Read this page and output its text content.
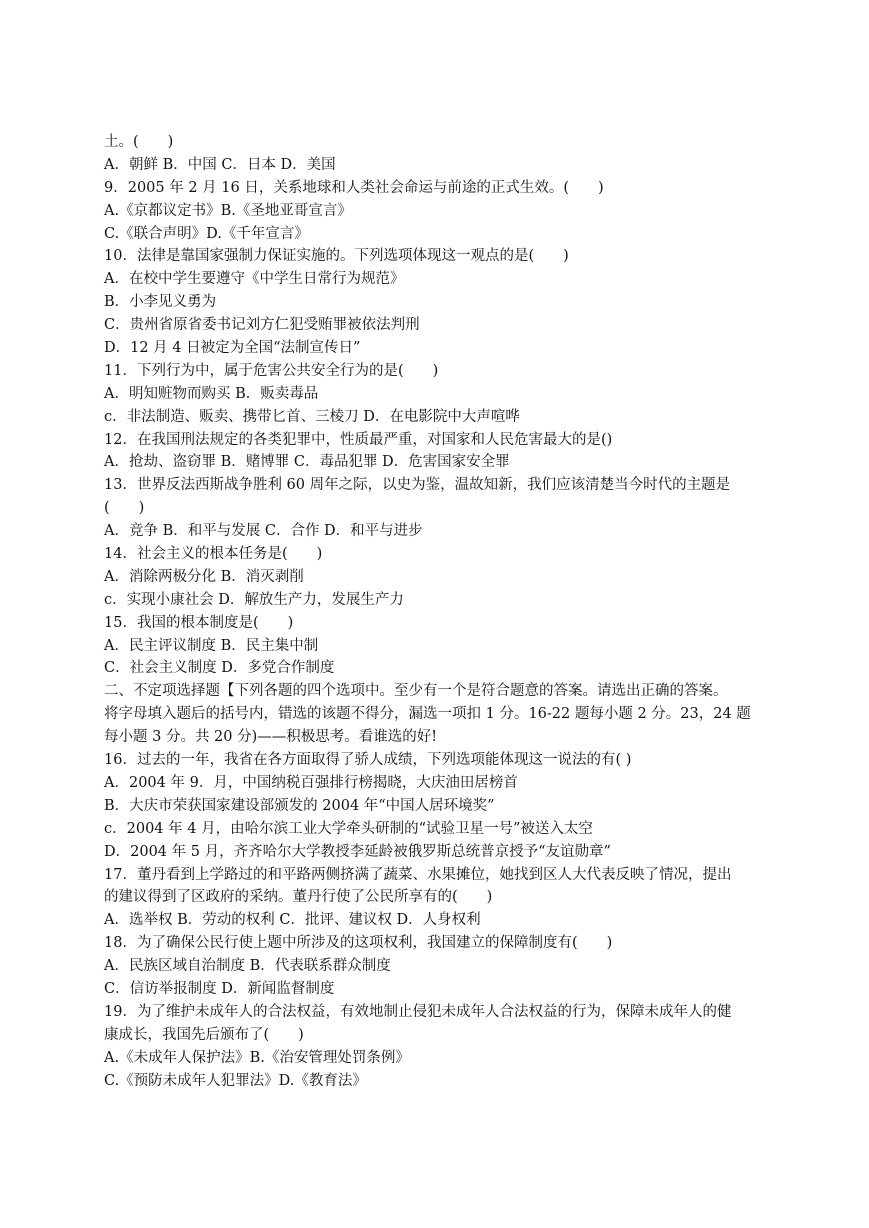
土。(　　)
A．朝鲜 B．中国 C．日本 D．美国
9．2005 年 2 月 16 日，关系地球和人类社会命运与前途的正式生效。(　　)
A.《京都议定书》B.《圣地亚哥宣言》
C.《联合声明》D.《千年宣言》
10．法律是靠国家强制力保证实施的。下列选项体现这一观点的是(　　)
A．在校中学生要遵守《中学生日常行为规范》
B．小李见义勇为
C．贵州省原省委书记刘方仁犯受贿罪被依法判刑
D．12 月 4 日被定为全国“法制宣传日”
11．下列行为中，属于危害公共安全行为的是(　　)
A．明知赃物而购买 B．贩卖毒品
c．非法制造、贩卖、携带匕首、三棱刀 D．在电影院中大声喧哗
12．在我国刑法规定的各类犯罪中，性质最严重，对国家和人民危害最大的是()
A．抢劫、盗窃罪 B．赌博罪 C．毒品犯罪 D．危害国家安全罪
13．世界反法西斯战争胜利 60 周年之际，以史为鉴，温故知新，我们应该清楚当今时代的主题是
(　　)
A．竞争 B．和平与发展 C．合作 D．和平与进步
14．社会主义的根本任务是(　　)
A．消除两极分化 B．消灭剥削
c．实现小康社会 D．解放生产力，发展生产力
15．我国的根本制度是(　　)
A．民主评议制度 B．民主集中制
C．社会主义制度 D．多党合作制度
二、不定项选择题【下列各题的四个选项中。至少有一个是符合题意的答案。请选出正确的答案。
将字母填入题后的括号内，错选的该题不得分，漏选一项扣 1 分。16-22 题每小题 2 分。23，24 题
每小题 3 分。共 20 分)——积极思考。看谁选的好!
16．过去的一年，我省在各方面取得了骄人成绩，下列选项能体现这一说法的有( )
A．2004 年 9．月，中国纳税百强排行榜揭晓，大庆油田居榜首
B．大庆市荣获国家建设部颁发的 2004 年“中国人居环境奖”
c．2004 年 4 月，由哈尔滨工业大学牵头研制的“试验卫星一号”被送入太空
D．2004 年 5 月，齐齐哈尔大学教授李延龄被俄罗斯总统普京授予“友谊勋章”
17．董丹看到上学路过的和平路两侧挤满了蔬菜、水果摊位，她找到区人大代表反映了情况，提出
的建议得到了区政府的采纳。董丹行使了公民所享有的(　　)
A．选举权 B．劳动的权利 C．批评、建议权 D．人身权利
18．为了确保公民行使上题中所涉及的这项权利，我国建立的保障制度有(　　)
A．民族区域自治制度 B．代表联系群众制度
C．信访举报制度 D．新闻监督制度
19．为了维护未成年人的合法权益，有效地制止侵犯未成年人合法权益的行为，保障未成年人的健
康成长，我国先后颁布了(　　)
A.《未成年人保护法》B.《治安管理处罚条例》
C.《预防未成年人犯罪法》D.《教育法》
